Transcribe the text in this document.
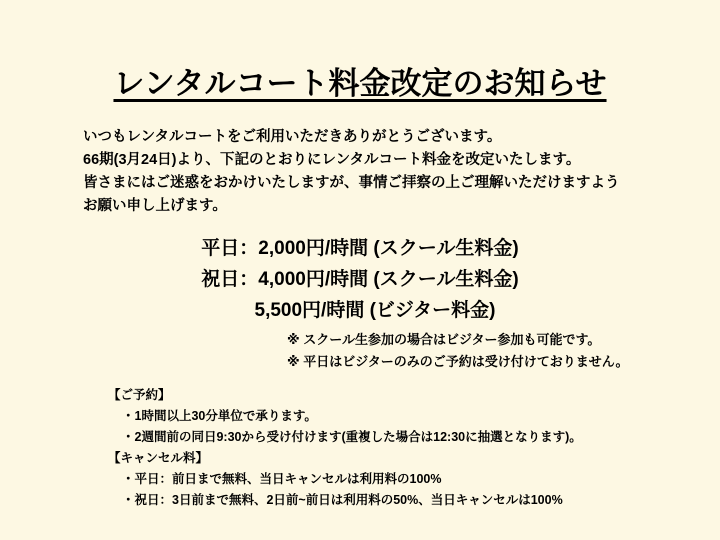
レンタルコート料金改定のお知らせ
いつもレンタルコートをご利用いただきありがとうございます。
66期(3月24日)より、下記のとおりにレンタルコート料金を改定いたします。
皆さまにはご迷惑をおかけいたしますが、事情ご拝察の上ご理解いただけますよう
お願い申し上げます。
平日：2,000円/時間 (スクール生料金)
祝日：4,000円/時間 (スクール生料金)
5,500円/時間 (ビジター料金)
※ スクール生参加の場合はビジター参加も可能です。
※ 平日はビジターのみのご予約は受け付けておりません。
【ご予約】
・1時間以上30分単位で承ります。
・2週間前の同日9:30から受け付けます(重複した場合は12:30に抽選となります)。
【キャンセル料】
・平日：前日まで無料、当日キャンセルは利用料の100%
・祝日：3日前まで無料、2日前~前日は利用料の50%、当日キャンセルは100%
